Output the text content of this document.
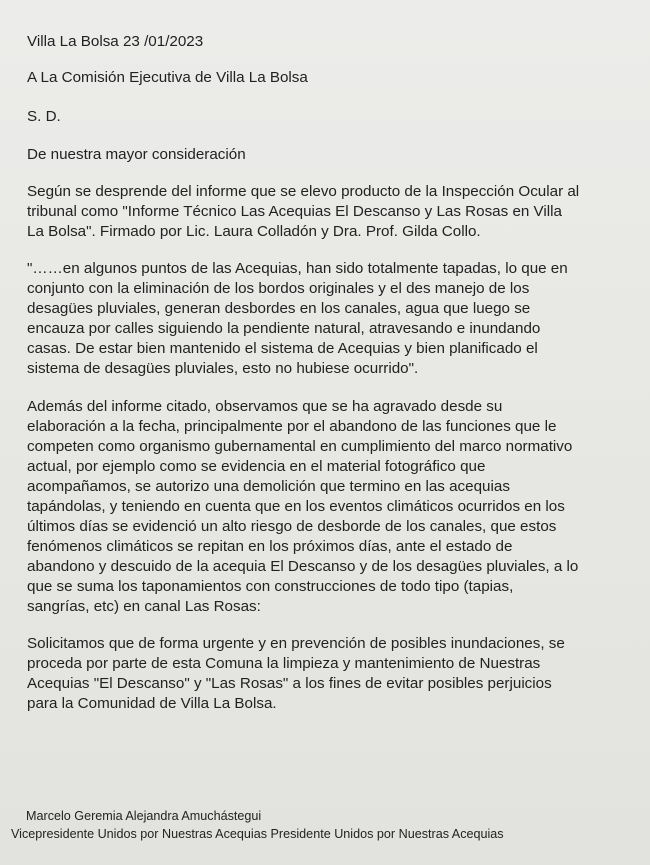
Villa La Bolsa 23 /01/2023
A La Comisión Ejecutiva de Villa La Bolsa
S. D.
De nuestra mayor consideración
Según se desprende del informe que se elevo producto de la Inspección Ocular al
tribunal como "Informe Técnico Las Acequias El Descanso y Las Rosas en Villa
La Bolsa". Firmado por Lic. Laura Colladón y Dra. Prof. Gilda Collo.
"……en algunos puntos de las Acequias, han sido totalmente tapadas, lo que en
conjunto con la eliminación de los bordos originales y el des manejo de los
desagües pluviales, generan desbordes en los canales, agua que luego se
encauza por calles siguiendo la pendiente natural, atravesando e inundando
casas. De estar bien mantenido el sistema de Acequias y bien planificado el
sistema de desagües pluviales, esto no hubiese ocurrido".
Además del informe citado, observamos que se ha agravado desde su
elaboración a la fecha, principalmente por el abandono de las funciones que le
competen como organismo gubernamental en cumplimiento del marco normativo
actual, por ejemplo como se evidencia en el material fotográfico que
acompañamos, se autorizo una demolición que termino en las acequias
tapándolas, y teniendo en cuenta que en los eventos climáticos ocurridos en los
últimos días se evidenció un alto riesgo de desborde de los canales, que estos
fenómenos climáticos se repitan en los próximos días, ante el estado de
abandono y descuido de la acequia El Descanso y de los desagües pluviales, a lo
que se suma los taponamientos con construcciones de todo tipo (tapias,
sangrías, etc) en canal Las Rosas:
Solicitamos que de forma urgente y en prevención de posibles inundaciones, se
proceda por parte de esta Comuna la limpieza y mantenimiento de Nuestras
Acequias "El Descanso" y "Las Rosas" a los fines de evitar posibles perjuicios
para la Comunidad de Villa La Bolsa.
Marcelo Geremia Alejandra Amuchástegui
Vicepresidente Unidos por Nuestras Acequias Presidente Unidos por Nuestras Acequias
